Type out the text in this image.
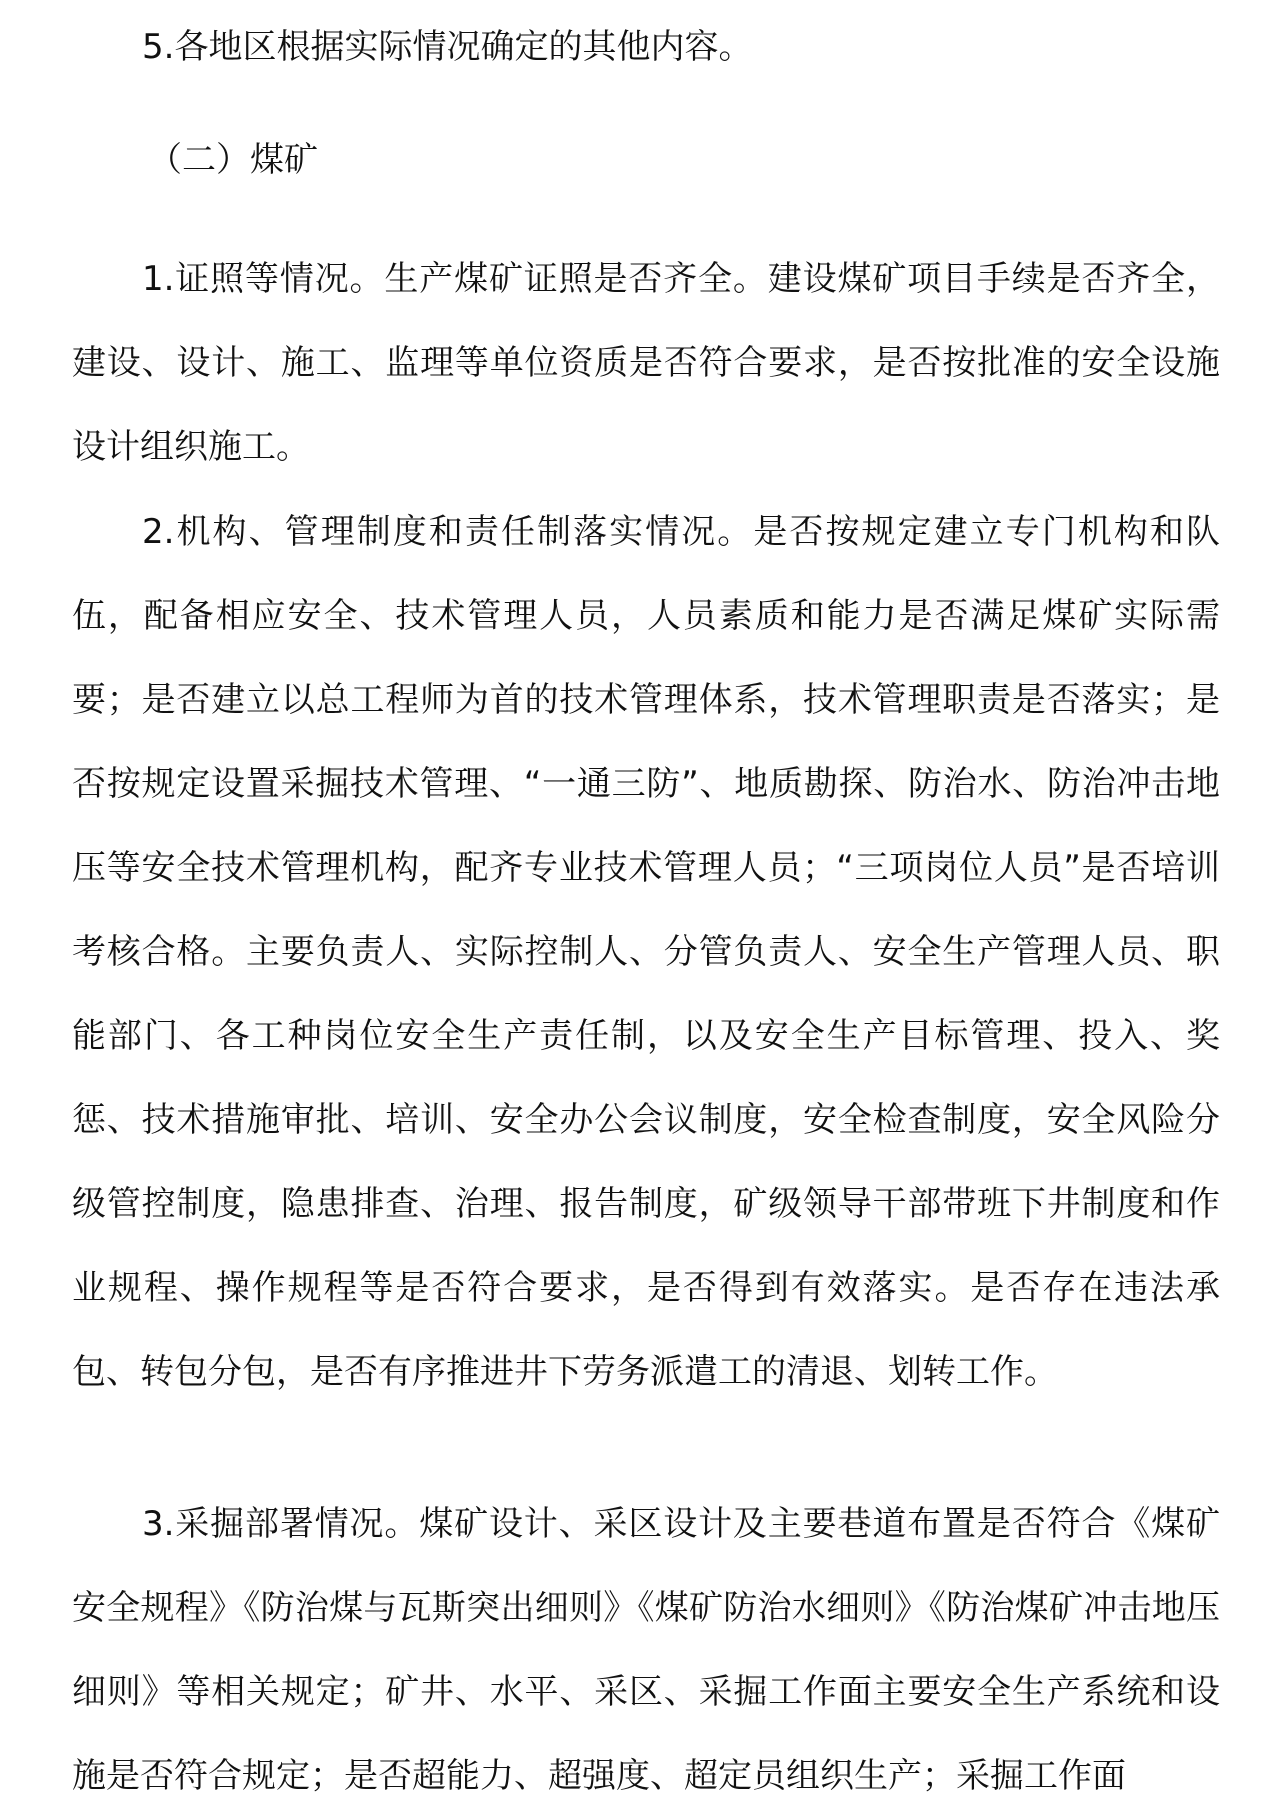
5.各地区根据实际情况确定的其他内容。

（二）煤矿

1.证照等情况。生产煤矿证照是否齐全。建设煤矿项目手续是否齐全，建设、设计、施工、监理等单位资质是否符合要求，是否按批准的安全设施设计组织施工。

2.机构、管理制度和责任制落实情况。是否按规定建立专门机构和队伍，配备相应安全、技术管理人员，人员素质和能力是否满足煤矿实际需要；是否建立以总工程师为首的技术管理体系，技术管理职责是否落实；是否按规定设置采掘技术管理、“一通三防”、地质勘探、防治水、防治冲击地压等安全技术管理机构，配齐专业技术管理人员；“三项岗位人员”是否培训考核合格。主要负责人、实际控制人、分管负责人、安全生产管理人员、职能部门、各工种岗位安全生产责任制，以及安全生产目标管理、投入、奖惩、技术措施审批、培训、安全办公会议制度，安全检查制度，安全风险分级管控制度，隐患排查、治理、报告制度，矿级领导干部带班下井制度和作业规程、操作规程等是否符合要求，是否得到有效落实。是否存在违法承包、转包分包，是否有序推进井下劳务派遣工的清退、划转工作。

3.采掘部署情况。煤矿设计、采区设计及主要巷道布置是否符合《煤矿安全规程》《防治煤与瓦斯突出细则》《煤矿防治水细则》《防治煤矿冲击地压细则》等相关规定；矿井、水平、采区、采掘工作面主要安全生产系统和设施是否符合规定；是否超能力、超强度、超定员组织生产；采掘工作面
